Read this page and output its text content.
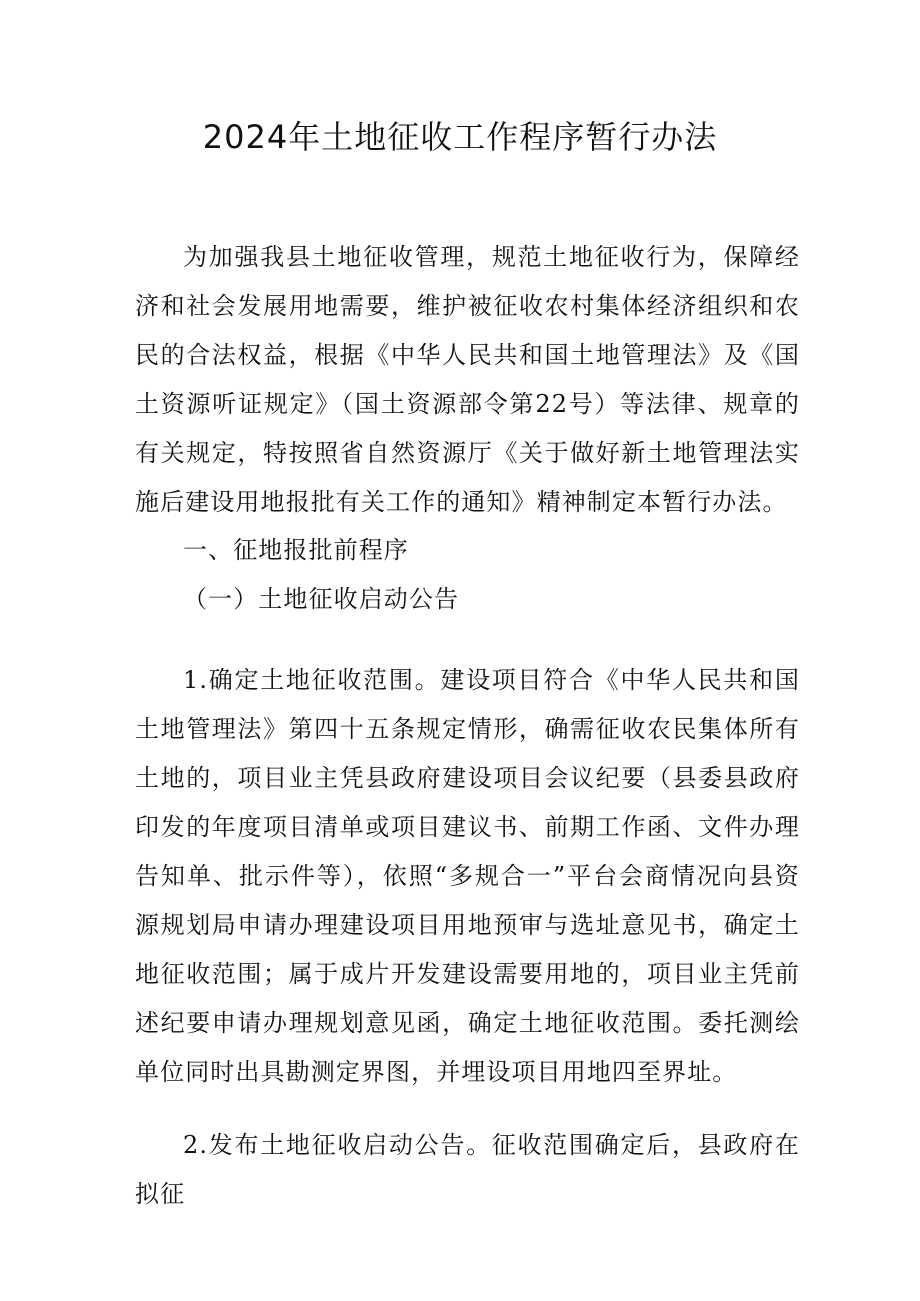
2024年土地征收工作程序暂行办法

为加强我县土地征收管理，规范土地征收行为，保障经济和社会发展用地需要，维护被征收农村集体经济组织和农民的合法权益，根据《中华人民共和国土地管理法》及《国土资源听证规定》（国土资源部令第22号）等法律、规章的有关规定，特按照省自然资源厅《关于做好新土地管理法实施后建设用地报批有关工作的通知》精神制定本暂行办法。

一、征地报批前程序

（一）土地征收启动公告

1.确定土地征收范围。建设项目符合《中华人民共和国土地管理法》第四十五条规定情形，确需征收农民集体所有土地的，项目业主凭县政府建设项目会议纪要（县委县政府印发的年度项目清单或项目建议书、前期工作函、文件办理告知单、批示件等），依照“多规合一”平台会商情况向县资源规划局申请办理建设项目用地预审与选址意见书，确定土地征收范围；属于成片开发建设需要用地的，项目业主凭前述纪要申请办理规划意见函，确定土地征收范围。委托测绘单位同时出具勘测定界图，并埋设项目用地四至界址。

2.发布土地征收启动公告。征收范围确定后，县政府在拟征
